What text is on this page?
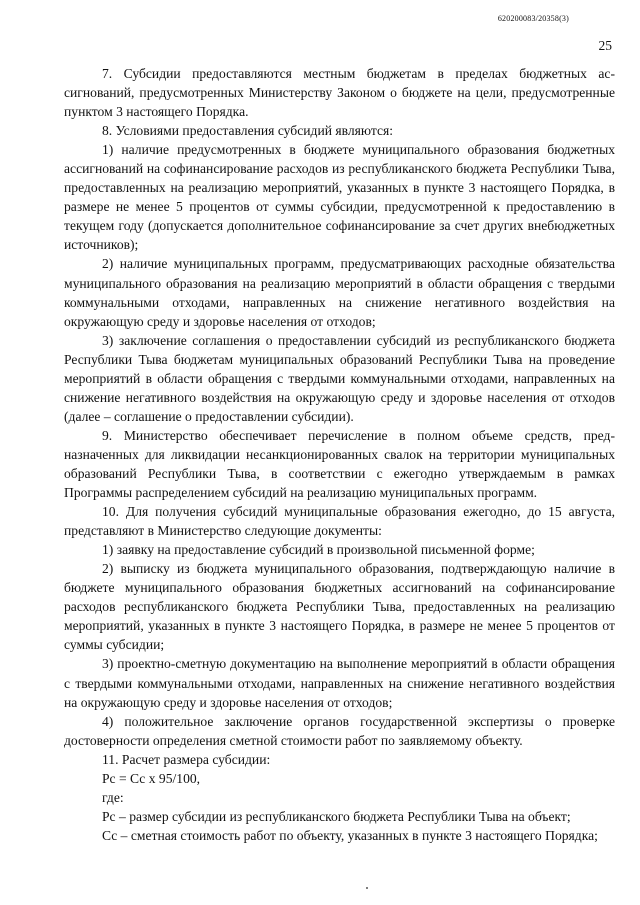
620200083/20358(3)
25

7. Субсидии предоставляются местным бюджетам в пределах бюджетных ассигнований, предусмотренных Министерству Законом о бюджете на цели, предусмотренные пунктом 3 настоящего Порядка.

8. Условиями предоставления субсидий являются:

1) наличие предусмотренных в бюджете муниципального образования бюджетных ассигнований на софинансирование расходов из республиканского бюджета Республики Тыва, предоставленных на реализацию мероприятий, указанных в пункте 3 настоящего Порядка, в размере не менее 5 процентов от суммы субсидии, предусмотренной к предоставлению в текущем году (допускается дополнительное софинансирование за счет других внебюджетных источников);

2) наличие муниципальных программ, предусматривающих расходные обязательства муниципального образования на реализацию мероприятий в области обращения с твердыми коммунальными отходами, направленных на снижение негативного воздействия на окружающую среду и здоровье населения от отходов;

3) заключение соглашения о предоставлении субсидий из республиканского бюджета Республики Тыва бюджетам муниципальных образований Республики Тыва на проведение мероприятий в области обращения с твердыми коммунальными отходами, направленных на снижение негативного воздействия на окружающую среду и здоровье населения от отходов (далее – соглашение о предоставлении субсидии).

9. Министерство обеспечивает перечисление в полном объеме средств, предназначенных для ликвидации несанкционированных свалок на территории муниципальных образований Республики Тыва, в соответствии с ежегодно утверждаемым в рамках Программы распределением субсидий на реализацию муниципальных программ.

10. Для получения субсидий муниципальные образования ежегодно, до 15 августа, представляют в Министерство следующие документы:

1) заявку на предоставление субсидий в произвольной письменной форме;

2) выписку из бюджета муниципального образования, подтверждающую наличие в бюджете муниципального образования бюджетных ассигнований на софинансирование расходов республиканского бюджета Республики Тыва, предоставленных на реализацию мероприятий, указанных в пункте 3 настоящего Порядка, в размере не менее 5 процентов от суммы субсидии;

3) проектно-сметную документацию на выполнение мероприятий в области обращения с твердыми коммунальными отходами, направленных на снижение негативного воздействия на окружающую среду и здоровье населения от отходов;

4) положительное заключение органов государственной экспертизы о проверке достоверности определения сметной стоимости работ по заявляемому объекту.

11. Расчет размера субсидии:

Рс = Сс х 95/100,

где:

Рс – размер субсидии из республиканского бюджета Республики Тыва на объект;

Сс – сметная стоимость работ по объекту, указанных в пункте 3 настоящего Порядка;
